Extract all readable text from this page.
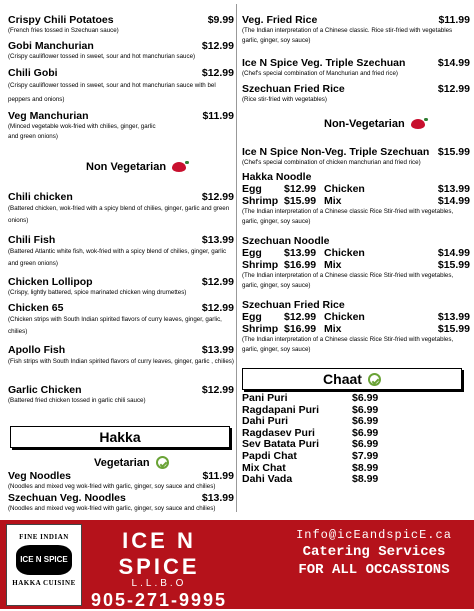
Crispy Chili Potatoes	$9.99
(French fries tossed in Szechuan sauce)
Gobi Manchurian	$12.99
(Crispy cauliflower tossed in sweet, sour and hot manchurian sauce)
Chili Gobi	$12.99
(Crispy cauliflower tossed in sweet, sour and hot manchurian sauce with bel peppers and onions)
Veg Manchurian	$11.99
(Minced vegetable wok-fried with chilies, ginger, garlic and green onions)
Non Vegetarian
Chili chicken	$12.99
(Battered chicken, wok-fried with a spicy blend of chilies, ginger, garlic and green onions)
Chili Fish	$13.99
(Battered Atlantic white fish, wok-fried with a spicy blend of chilies, ginger, garlic and green onions)
Chicken Lollipop	$12.99
(Crispy, lightly battered, spice marinated chicken wing drumettes)
Chicken 65	$12.99
(Chicken strips with South Indian spirited flavors of curry leaves, ginger, garlic, chilies)
Apollo Fish	$13.99
(Fish strips with South Indian spirited flavors of curry leaves, ginger, garlic , chilies)
Garlic Chicken	$12.99
(Battered fried chicken tossed in garlic chili sauce)
Hakka
Vegetarian
Veg Noodles	$11.99
(Noodles and mixed veg wok-fried with garlic, ginger, soy sauce and chilies)
Szechuan Veg. Noodles	$13.99
(Noodles and mixed veg wok-fried with garlic, ginger, soy sauce and chilies)
Veg. Fried Rice	$11.99
(The Indian interpretation of a Chinese classic. Rice stir-fried with vegetables garlic, ginger, soy sauce)
Ice N Spice Veg. Triple Szechuan	$14.99
(Chef's special combination of Manchurian and fried rice)
Szechuan Fried Rice	$12.99
(Rice stir-fried with vegetables)
Non-Vegetarian
Ice N Spice Non-Veg. Triple Szechuan $15.99
(Chef's special combination of chicken manchurian and fried rice)
Hakka Noodle
Egg	$12.99 Chicken	$13.99
Shrimp $15.99 Mix	$14.99
(The Indian interpretation of a Chinese classic Rice Stir-fried with vegetables, garlic, ginger, soy sauce)
Szechuan Noodle
Egg	$13.99 Chicken	$14.99
Shrimp $16.99 Mix	$15.99
(The Indian interpretation of a Chinese classic Rice Stir-fried with vegetables, garlic, ginger, soy sauce)
Szechuan Fried Rice
Egg	$12.99 Chicken	$13.99
Shrimp $16.99 Mix	$15.99
(The Indian interpretation of a Chinese classic Rice Stir-fried with vegetables, garlic, ginger, soy sauce)
Chaat
Pani Puri	$6.99
Ragdapani Puri	$6.99
Dahi Puri	$6.99
Ragdasev Puri	$6.99
Sev Batata Puri	$6.99
Papdi Chat	$7.99
Mix Chat	$8.99
Dahi Vada	$8.99
FINE INDIAN
ICE N SPICE
HAKKA CUISINE
ICE N SPICE
L.L.B.O
905-271-9995
Info@icEandspicE.ca
Catering Services
FOR ALL OCCASSIONS
